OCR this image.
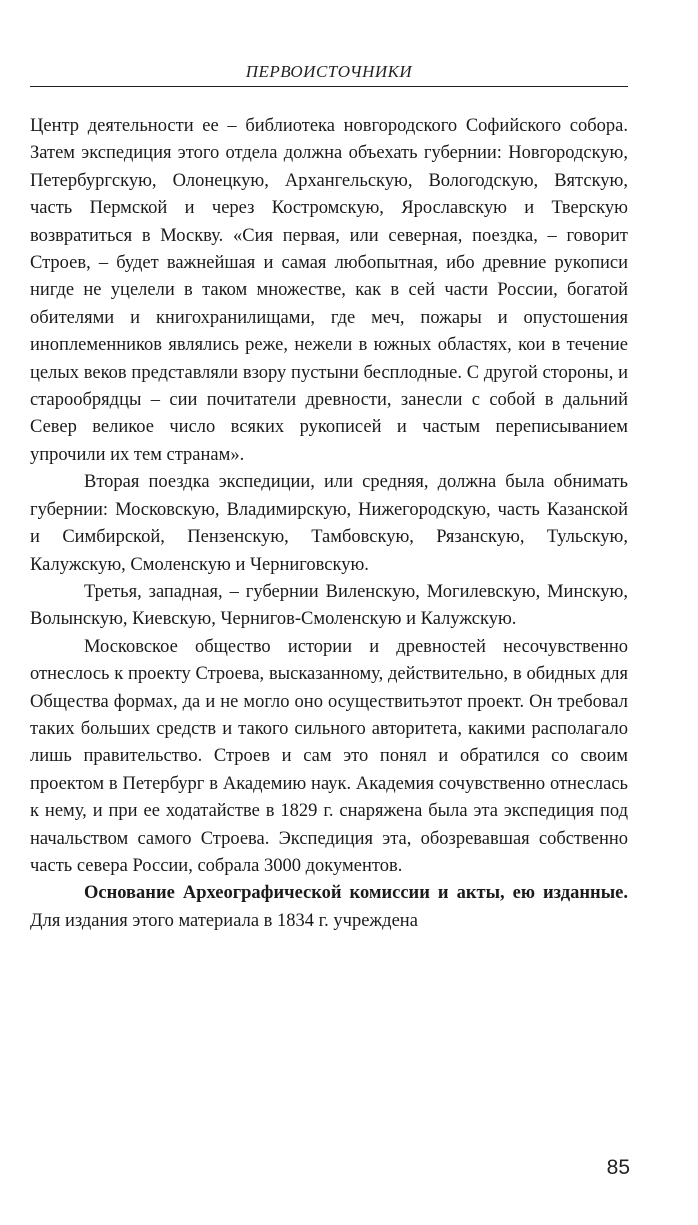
ПЕРВОИСТОЧНИКИ

Центр деятельности ее – библиотека новгородского Софийского собора. Затем экспедиция этого отдела должна объехать губернии: Новгородскую, Петербургскую, Олонецкую, Архангельскую, Вологодскую, Вятскую, часть Пермской и через Костромскую, Ярославскую и Тверскую возвратиться в Москву. «Сия первая, или северная, поездка, – говорит Строев, – будет важнейшая и самая любопытная, ибо древние рукописи нигде не уцелели в таком множестве, как в сей части России, богатой обителями и книгохранилищами, где меч, пожары и опустошения иноплеменников являлись реже, нежели в южных областях, кои в течение целых веков представляли взору пустыни бесплодные. С другой стороны, и старообрядцы – сии почитатели древности, занесли с собой в дальний Север великое число всяких рукописей и частым переписыванием упрочили их тем странам».

Вторая поездка экспедиции, или средняя, должна была обнимать губернии: Московскую, Владимирскую, Нижегородскую, часть Казанской и Симбирской, Пензенскую, Тамбовскую, Рязанскую, Тульскую, Калужскую, Смоленскую и Черниговскую.

Третья, западная, – губернии Виленскую, Могилевскую, Минскую, Волынскую, Киевскую, Чернигов-Смоленскую и Калужскую.

Московское общество истории и древностей несочувственно отнеслось к проекту Строева, высказанному, действительно, в обидных для Общества формах, да и не могло оно осуществитьэтот проект. Он требовал таких больших средств и такого сильного авторитета, какими располагало лишь правительство. Строев и сам это понял и обратился со своим проектом в Петербург в Академию наук. Академия сочувственно отнеслась к нему, и при ее ходатайстве в 1829 г. снаряжена была эта экспедиция под начальством самого Строева. Экспедиция эта, обозревавшая собственно часть севера России, собрала 3000 документов.

Основание Археографической комиссии и акты, ею изданные. Для издания этого материала в 1834 г. учреждена

85
